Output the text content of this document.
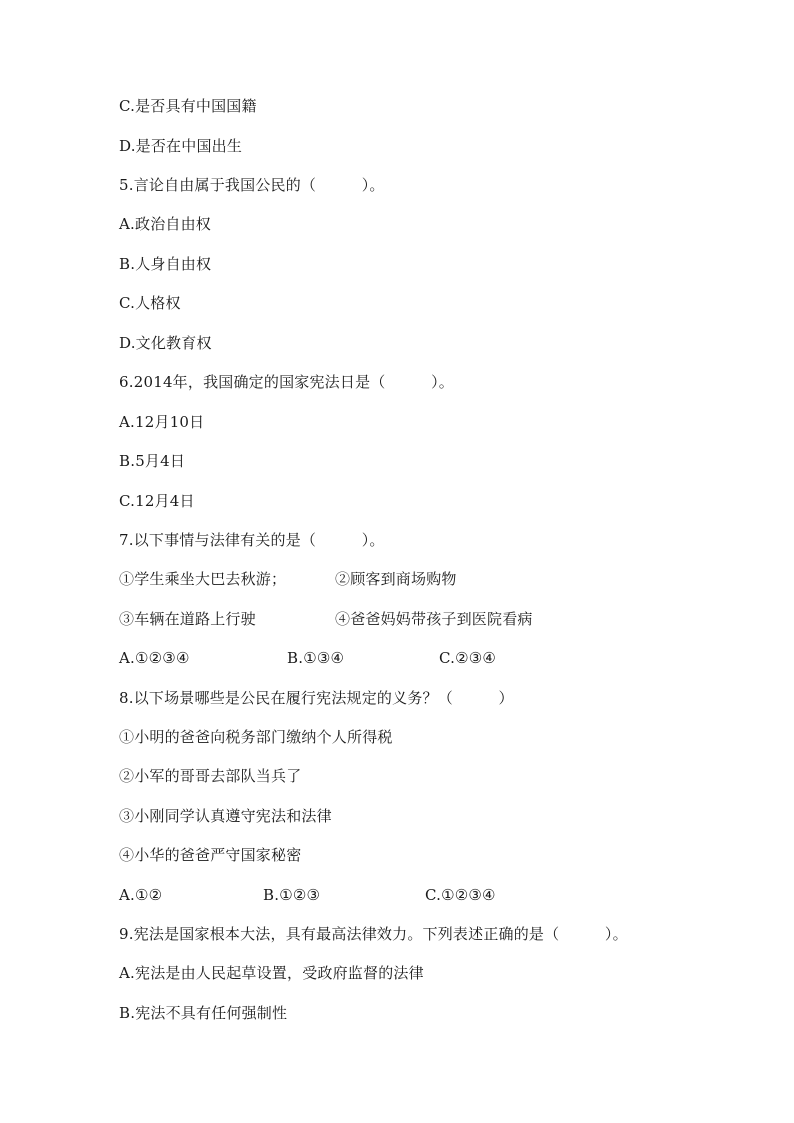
C.是否具有中国国籍
D.是否在中国出生
5.言论自由属于我国公民的（　　　）。
A.政治自由权
B.人身自由权
C.人格权
D.文化教育权
6.2014年，我国确定的国家宪法日是（　　　）。
A.12月10日
B.5月4日
C.12月4日
7.以下事情与法律有关的是（　　　）。
①学生乘坐大巴去秋游；	②顾客到商场购物
③车辆在道路上行驶	④爸爸妈妈带孩子到医院看病
A.①②③④	B.①③④	C.②③④
8.以下场景哪些是公民在履行宪法规定的义务？（　　　）
①小明的爸爸向税务部门缴纳个人所得税
②小军的哥哥去部队当兵了
③小刚同学认真遵守宪法和法律
④小华的爸爸严守国家秘密
A.①②	B.①②③	C.①②③④
9.宪法是国家根本大法，具有最高法律效力。下列表述正确的是（　　　）。
A.宪法是由人民起草设置，受政府监督的法律
B.宪法不具有任何强制性
